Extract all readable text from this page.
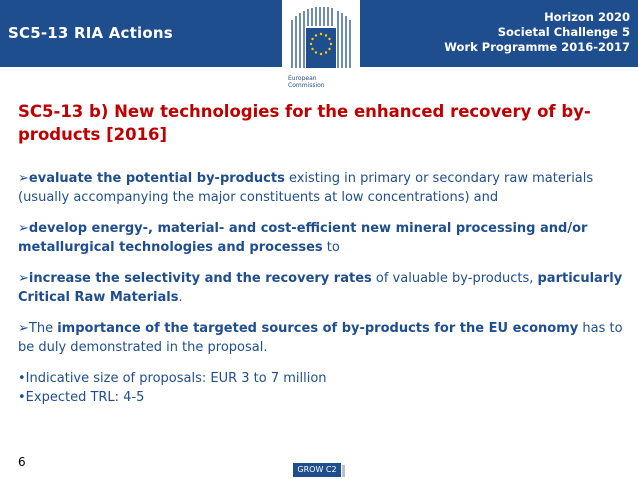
SC5-13 RIA Actions
Horizon 2020
Societal Challenge 5
Work Programme 2016-2017
European
Commission
SC5-13 b) New technologies for the enhanced recovery of by-products [2016]

➢evaluate the potential by-products existing in primary or secondary raw materials (usually accompanying the major constituents at low concentrations) and

➢develop energy-, material- and cost-efficient new mineral processing and/or metallurgical technologies and processes to

➢increase the selectivity and the recovery rates of valuable by-products, particularly Critical Raw Materials.

➢The importance of the targeted sources of by-products for the EU economy has to be duly demonstrated in the proposal.

•Indicative size of proposals: EUR 3 to 7 million
•Expected TRL: 4-5
6
GROW C2
